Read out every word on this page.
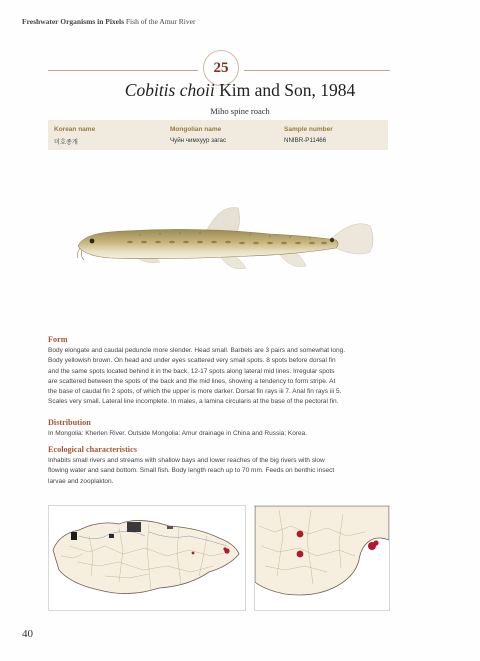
Freshwater Organisms in Pixels Fish of the Amur River
25
Cobitis choii Kim and Son, 1984
Miho spine roach
Korean name
미호종개
Mongolian name
Чуйн чимхуур загас
Sample number
NNIBR-P11466
Form
Body elongate and caudal peduncle more slender. Head small. Barbels are 3 pairs and somewhat long.
Body yellowish brown. On head and under eyes scattered very small spots. 8 spots before dorsal fin
and the same spots located behind it in the back. 12-17 spots along lateral mid lines. Irregular spots
are scattered between the spots of the back and the mid lines, showing a tendency to form stripe. At
the base of caudal fin 2 spots, of which the upper is more darker. Dorsal fin rays iii 7. Anal fin rays iii 5.
Scales very small. Lateral line incomplete. In males, a lamina circularis at the base of the pectoral fin.
Distribution
In Mongolia: Kherlen River. Outside Mongolia: Amur drainage in China and Russia; Korea.
Ecological characteristics
Inhabits small rivers and streams with shallow bays and lower reaches of the big rivers with slow
flowing water and sand bottom. Small fish. Body length reach up to 70 mm. Feeds on benthic insect
larvae and zooplakton.
40
